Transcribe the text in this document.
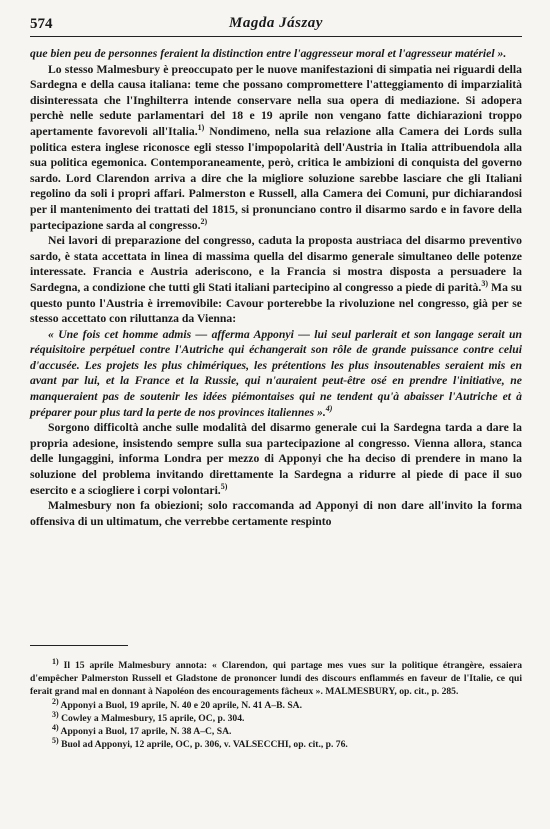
574	Magda Jászay

que bien peu de personnes feraient la distinction entre l'aggresseur moral et l'agresseur matériel ».

Lo stesso Malmesbury è preoccupato per le nuove manifestazioni di simpatia nei riguardi della Sardegna e della causa italiana: teme che possano compromettere l'atteggiamento di imparzialità disinteressata che l'Inghilterra intende conservare nella sua opera di mediazione. Si adopera perchè nelle sedute parlamentari del 18 e 19 aprile non vengano fatte dichiarazioni troppo apertamente favorevoli all'Italia.$^{1)}$ Nondimeno, nella sua relazione alla Camera dei Lords sulla politica estera inglese riconosce egli stesso l'impopolarità dell'Austria in Italia attribuendola alla sua politica egemonica. Contemporaneamente, però, critica le ambizioni di conquista del governo sardo. Lord Clarendon arriva a dire che la migliore soluzione sarebbe lasciare che gli Italiani regolino da soli i propri affari. Palmerston e Russell, alla Camera dei Comuni, pur dichiarandosi per il mantenimento dei trattati del 1815, si pronunciano contro il disarmo sardo e in favore della partecipazione sarda al congresso.$^{2)}$

Nei lavori di preparazione del congresso, caduta la proposta austriaca del disarmo preventivo sardo, è stata accettata in linea di massima quella del disarmo generale simultaneo delle potenze interessate. Francia e Austria aderiscono, e la Francia si mostra disposta a persuadere la Sardegna, a condizione che tutti gli Stati italiani partecipino al congresso a piede di parità.$^{3)}$ Ma su questo punto l'Austria è irremovibile: Cavour porterebbe la rivoluzione nel congresso, già per se stesso accettato con riluttanza da Vienna:

« Une fois cet homme admis — afferma Apponyi — lui seul parlerait et son langage serait un réquisitoire perpétuel contre l'Autriche qui échangerait son rôle de grande puissance contre celui d'accusée. Les projets les plus chimériques, les prétentions les plus insoutenables seraient mis en avant par lui, et la France et la Russie, qui n'auraient peut-être osé en prendre l'initiative, ne manqueraient pas de soutenir les idées piémontaises qui ne tendent qu'à abaisser l'Autriche et à préparer pour plus tard la perte de nos provinces italiennes ».$^{4)}$

Sorgono difficoltà anche sulle modalità del disarmo generale cui la Sardegna tarda a dare la propria adesione, insistendo sempre sulla sua partecipazione al congresso. Vienna allora, stanca delle lungaggini, informa Londra per mezzo di Apponyi che ha deciso di prendere in mano la soluzione del problema invitando direttamente la Sardegna a ridurre al piede di pace il suo esercito e a sciogliere i corpi volontari.$^{5)}$

Malmesbury non fa obiezioni; solo raccomanda ad Apponyi di non dare all'invito la forma offensiva di un ultimatum, che verrebbe certamente respinto

$^{1)}$ Il 15 aprile Malmesbury annota: « Clarendon, qui partage mes vues sur la politique étrangère, essaiera d'empêcher Palmerston Russell et Gladstone de prononcer lundi des discours enflammés en faveur de l'Italie, ce qui ferait grand mal en donnant à Napoléon des encouragements fâcheux ». MALMESBURY, op. cit., p. 285.

$^{2)}$ Apponyi a Buol, 19 aprile, N. 40 e 20 aprile, N. 41 A–B. SA.

$^{3)}$ Cowley a Malmesbury, 15 aprile, OC, p. 304.

$^{4)}$ Apponyi a Buol, 17 aprile, N. 38 A–C, SA.

$^{5)}$ Buol ad Apponyi, 12 aprile, OC, p. 306, v. VALSECCHI, op. cit., p. 76.
